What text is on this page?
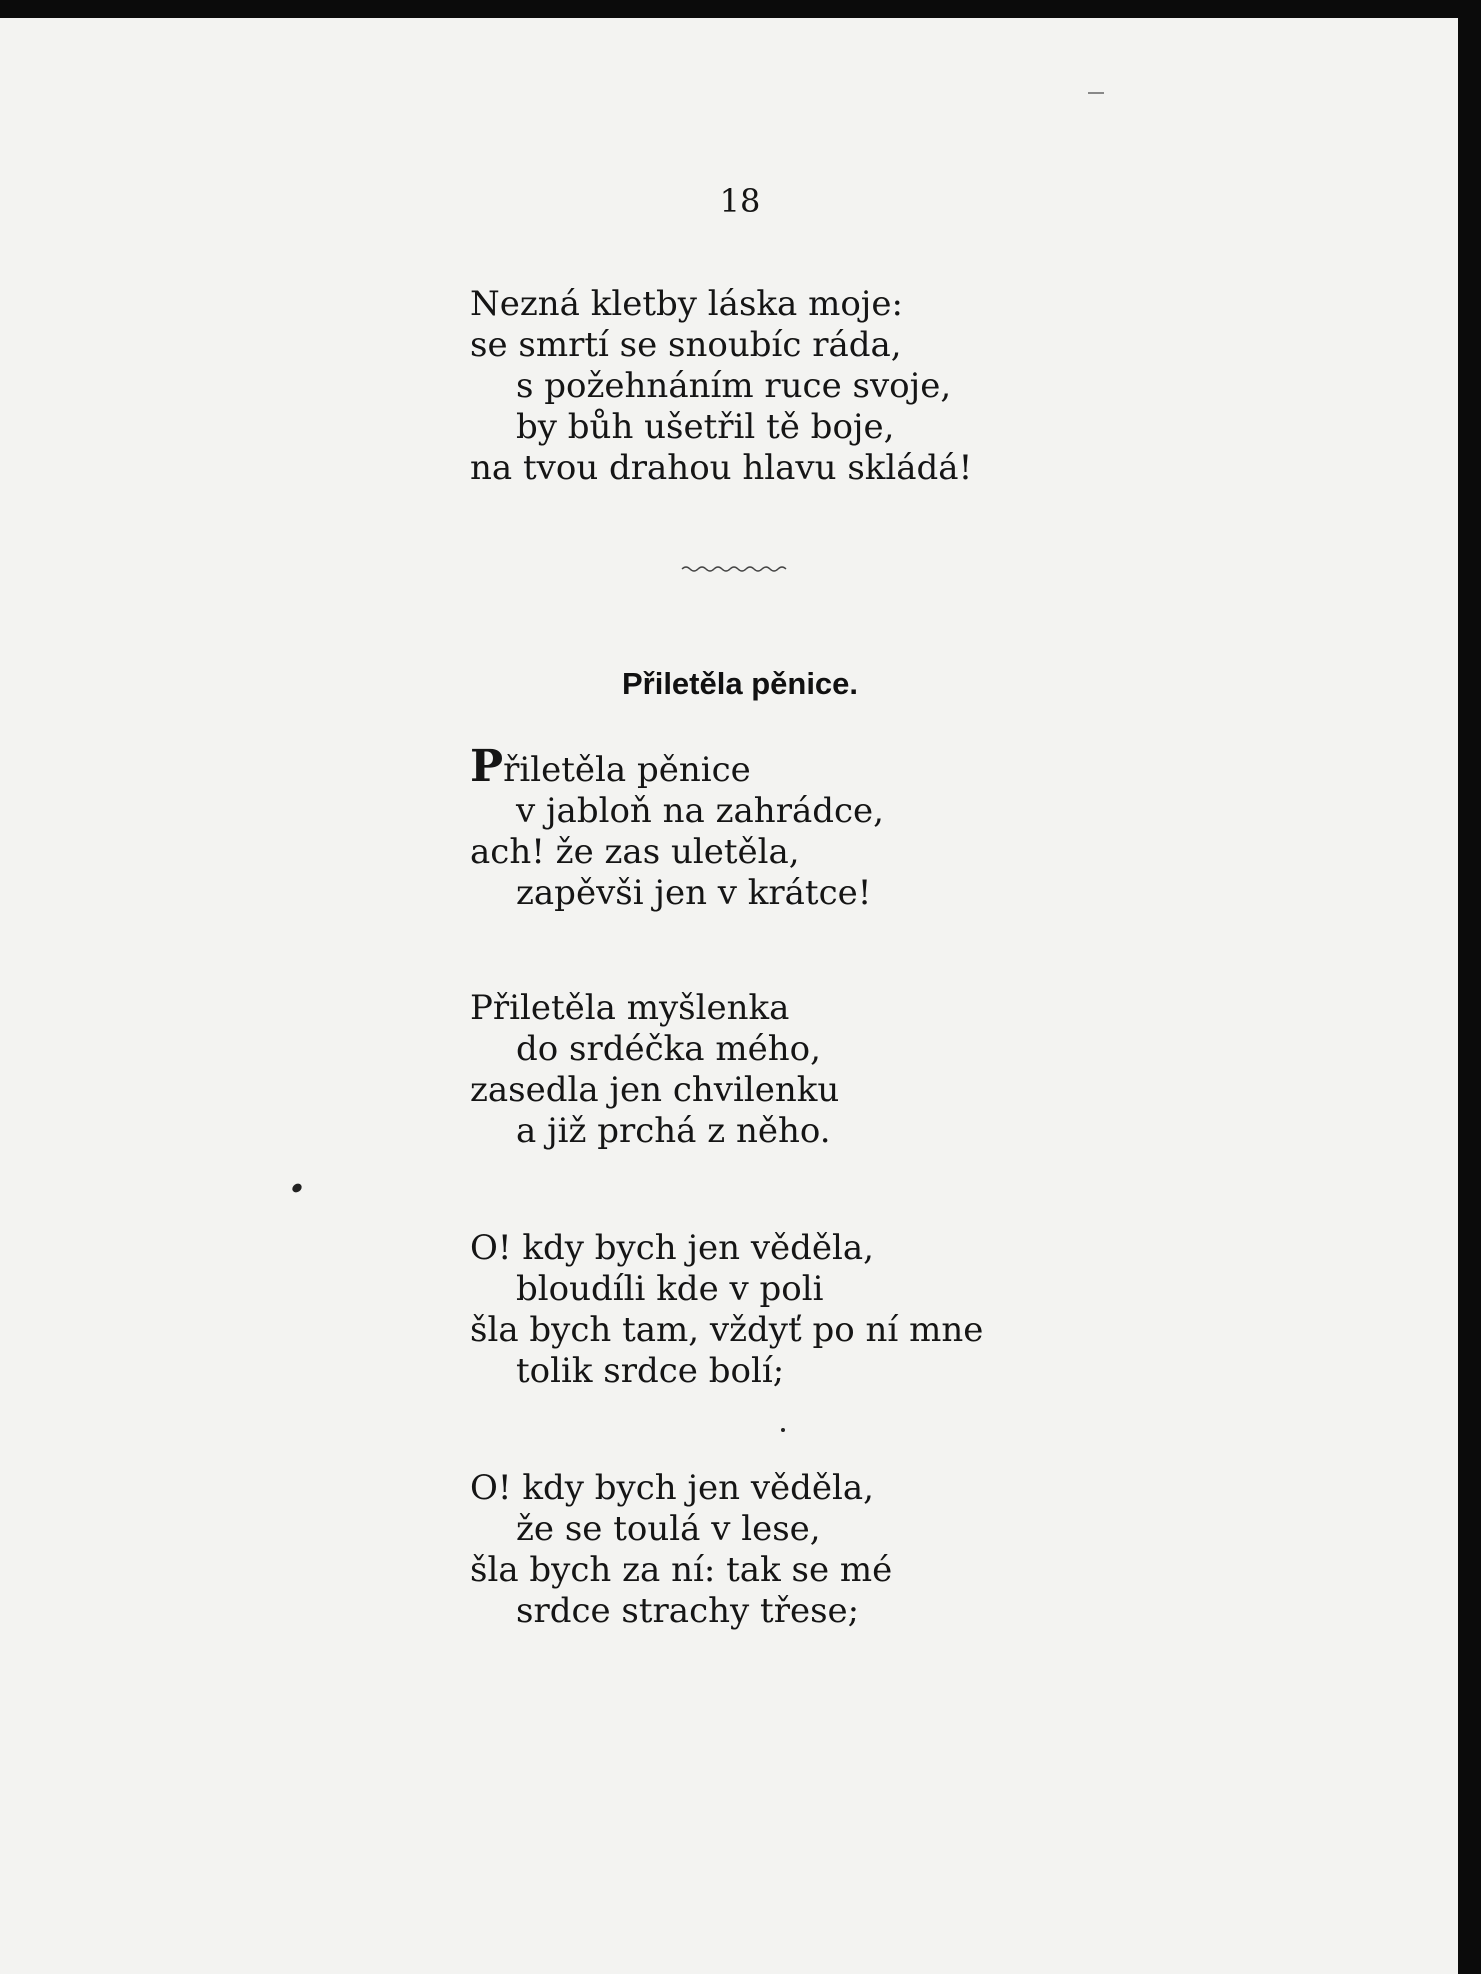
18

Nezná kletby láska moje:
se smrtí se snoubíc ráda,
s požehnáním ruce svoje,
by bůh ušetřil tě boje,
na tvou drahou hlavu skládá!

Přiletěla pěnice.

Přiletěla pěnice
v jabloň na zahrádce,
ach! že zas uletěla,
zapěvši jen v krátce!
Přiletěla myšlenka
do srdéčka mého,
zasedla jen chvilenku
a již prchá z něho.
O! kdy bych jen věděla,
bloudíli kde v poli
šla bych tam, vždyť po ní mne
tolik srdce bolí;
O! kdy bych jen věděla,
že se toulá v lese,
šla bych za ní: tak se mé
srdce strachy třese;
